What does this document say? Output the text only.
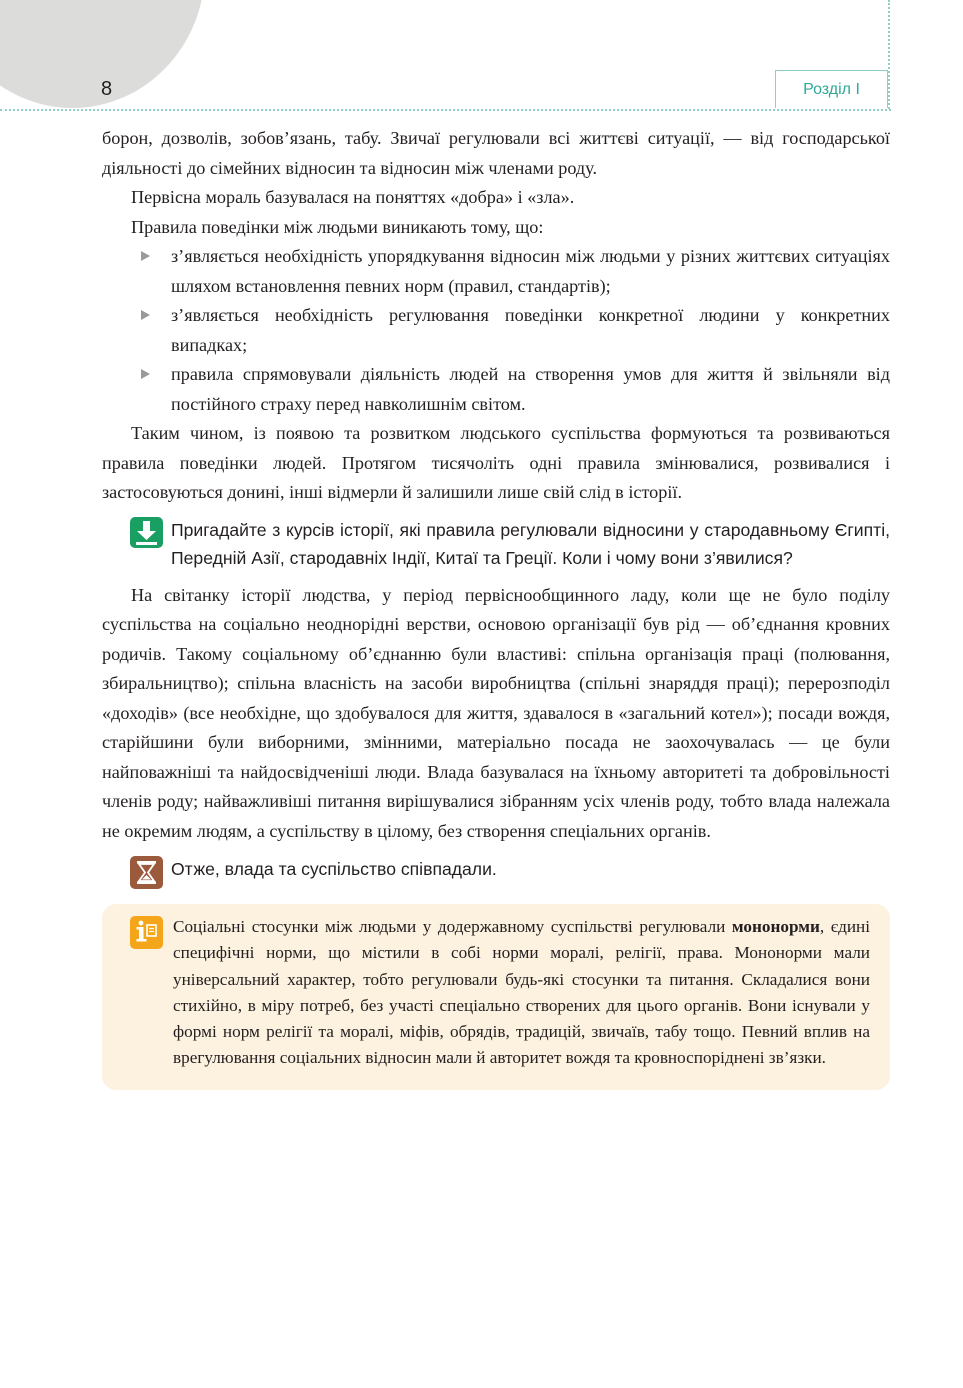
8	Розділ І

борон, дозволів, зобов’язань, табу. Звичаї регулювали всі життєві ситуації, — від господарської діяльності до сімейних відносин та відносин між членами роду.

Первісна мораль базувалася на поняттях «добра» і «зла».

Правила поведінки між людьми виникають тому, що:

з’являється необхідність упорядкування відносин між людьми у різних життєвих ситуаціях шляхом встановлення певних норм (правил, стандартів);
з’являється необхідність регулювання поведінки конкретної людини у конкретних випадках;
правила спрямовували діяльність людей на створення умов для життя й звільняли від постійного страху перед навколишнім світом.

Таким чином, із появою та розвитком людського суспільства формуються та розвиваються правила поведінки людей. Протягом тисячоліть одні правила змінювалися, розвивалися і застосовуються донині, інші відмерли й залишили лише свій слід в історії.

Пригадайте з курсів історії, які правила регулювали відносини у стародавньому Єгипті, Передній Азії, стародавніх Індії, Китаї та Греції. Коли і чому вони з’явилися?

На світанку історії людства, у період первіснообщинного ладу, коли ще не було поділу суспільства на соціально неоднорідні верстви, основою організації був рід — об’єднання кровних родичів. Такому соціальному об’єднанню були властиві: спільна організація праці (полювання, збиральництво); спільна власність на засоби виробництва (спільні знаряддя праці); перерозподіл «доходів» (все необхідне, що здобувалося для життя, здавалося в «загальний котел»); посади вождя, старійшини були виборними, змінними, матеріально посада не заохочувалась — це були найповажніші та найдосвідченіші люди. Влада базувалася на їхньому авторитеті та добровільності членів роду; найважливіші питання вирішувалися зібранням усіх членів роду, тобто влада належала не окремим людям, а суспільству в цілому, без створення спеціальних органів.

Отже, влада та суспільство співпадали.
Соціальні стосунки між людьми у додержавному суспільстві регулювали мононорми, єдині специфічні норми, що містили в собі норми моралі, релігії, права. Мононорми мали універсальний характер, тобто регулювали будь-які стосунки та питання. Складалися вони стихійно, в міру потреб, без участі спеціально створених для цього органів. Вони існували у формі норм релігії та моралі, міфів, обрядів, традицій, звичаїв, табу тощо. Певний вплив на врегулювання соціальних відносин мали й авторитет вождя та кровноспоріднені зв’язки.
